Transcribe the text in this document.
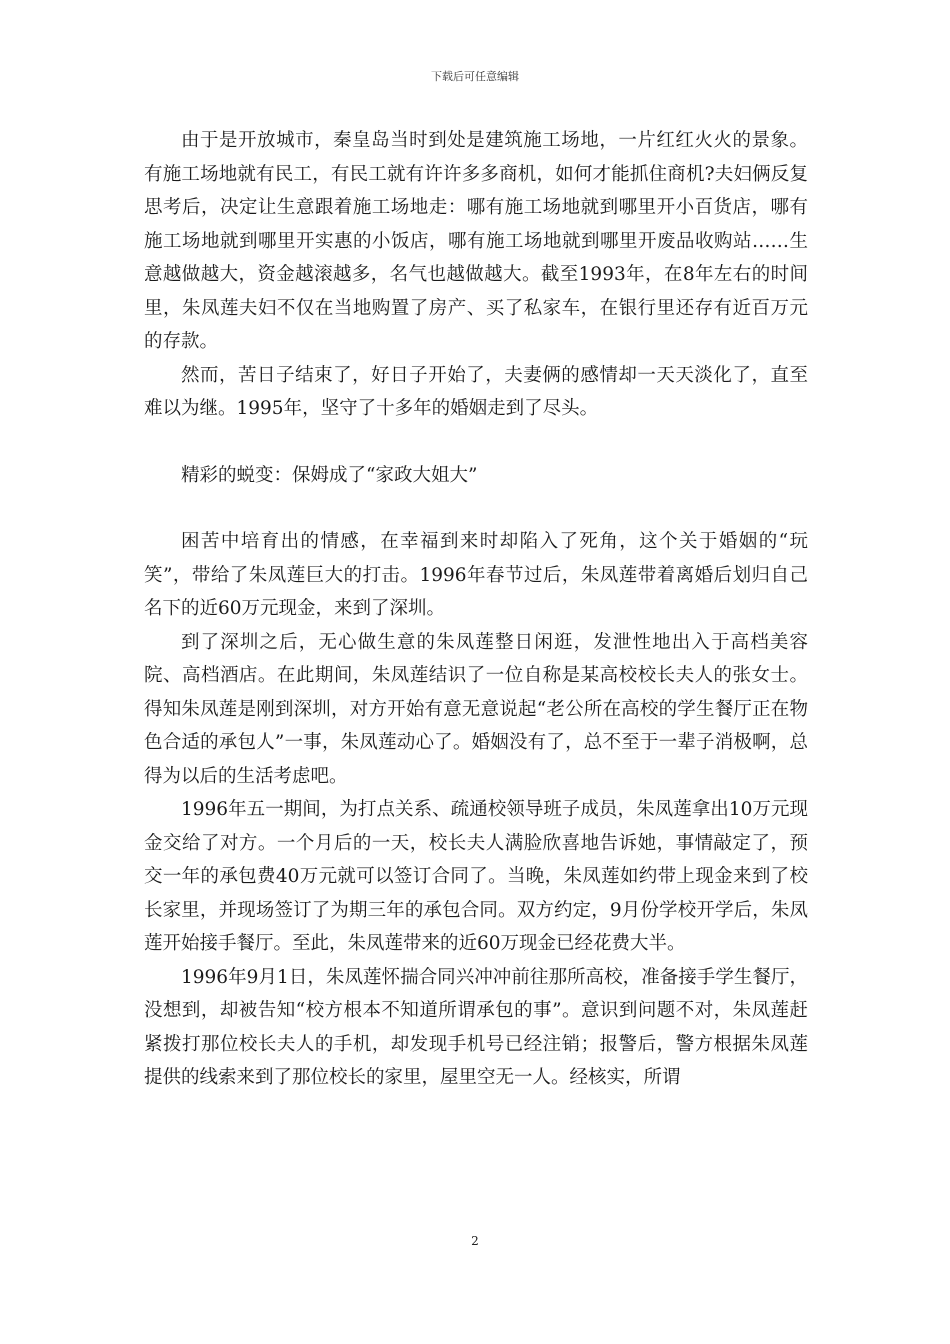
下载后可任意编辑

由于是开放城市，秦皇岛当时到处是建筑施工场地，一片红红火火的景象。有施工场地就有民工，有民工就有许许多多商机，如何才能抓住商机?夫妇俩反复思考后，决定让生意跟着施工场地走：哪有施工场地就到哪里开小百货店，哪有施工场地就到哪里开实惠的小饭店，哪有施工场地就到哪里开废品收购站……生意越做越大，资金越滚越多，名气也越做越大。截至1993年，在8年左右的时间里，朱凤莲夫妇不仅在当地购置了房产、买了私家车，在银行里还存有近百万元的存款。

然而，苦日子结束了，好日子开始了，夫妻俩的感情却一天天淡化了，直至难以为继。1995年，坚守了十多年的婚姻走到了尽头。

精彩的蜕变：保姆成了“家政大姐大”

困苦中培育出的情感，在幸福到来时却陷入了死角，这个关于婚姻的“玩笑”，带给了朱凤莲巨大的打击。1996年春节过后，朱凤莲带着离婚后划归自己名下的近60万元现金，来到了深圳。

到了深圳之后，无心做生意的朱凤莲整日闲逛，发泄性地出入于高档美容院、高档酒店。在此期间，朱凤莲结识了一位自称是某高校校长夫人的张女士。得知朱凤莲是刚到深圳，对方开始有意无意说起“老公所在高校的学生餐厅正在物色合适的承包人”一事，朱凤莲动心了。婚姻没有了，总不至于一辈子消极啊，总得为以后的生活考虑吧。

1996年五一期间，为打点关系、疏通校领导班子成员，朱凤莲拿出10万元现金交给了对方。一个月后的一天，校长夫人满脸欣喜地告诉她，事情敲定了，预交一年的承包费40万元就可以签订合同了。当晚，朱凤莲如约带上现金来到了校长家里，并现场签订了为期三年的承包合同。双方约定，9月份学校开学后，朱凤莲开始接手餐厅。至此，朱凤莲带来的近60万现金已经花费大半。

1996年9月1日，朱凤莲怀揣合同兴冲冲前往那所高校，准备接手学生餐厅，没想到，却被告知“校方根本不知道所谓承包的事”。意识到问题不对，朱凤莲赶紧拨打那位校长夫人的手机，却发现手机号已经注销；报警后，警方根据朱凤莲提供的线索来到了那位校长的家里，屋里空无一人。经核实，所谓

2
